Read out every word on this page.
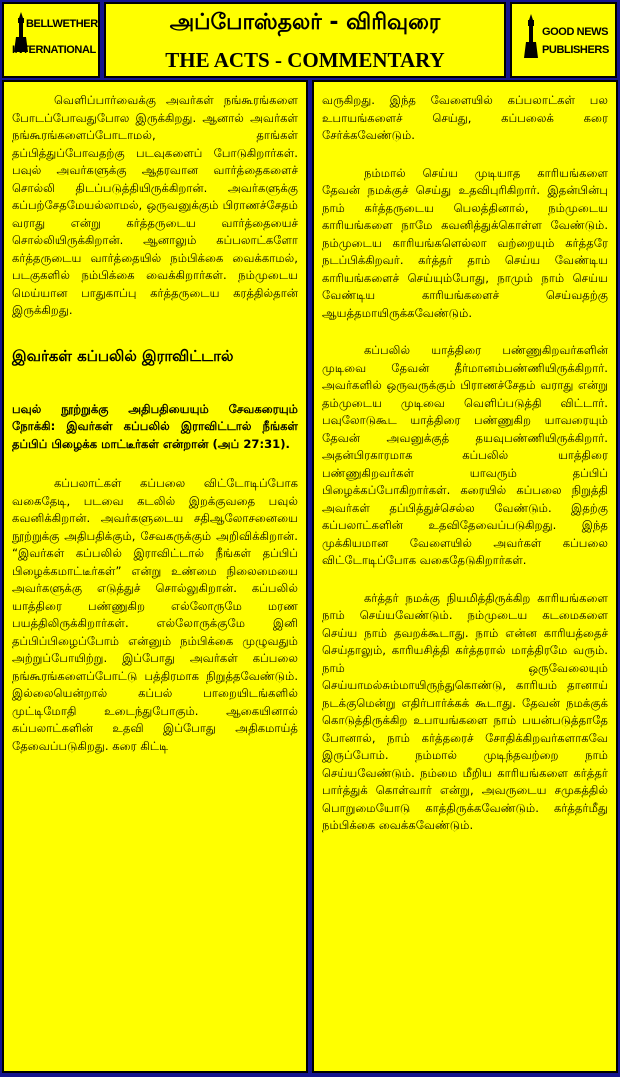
BELLWETHER
INTERNATIONAL
அப்போஸ்தலர் - விரிவுரை
THE ACTS - COMMENTARY
GOOD NEWS
PUBLISHERS

வெளிப்பார்வைக்கு அவர்கள் நங்கூரங்களை போடப்போவதுபோல இருக்கிறது. ஆனால் அவர்கள் நங்கூரங்களைப்போடாமல், தாங்கள் தப்பித்துப்போவதற்கு படவுகளைப் போடுகிறார்கள். பவுல் அவர்களுக்கு ஆதரவான வார்த்தைகளைச் சொல்லி திடப்படுத்தியிருக்கிறான். அவர்களுக்கு கப்பற்சேதமேயல்லாமல், ஒருவனுக்கும் பிராணச்சேதம் வராது என்று கர்த்தருடைய வார்த்தையைச் சொல்லியிருக்கிறான். ஆனாலும் கப்பலாட்களோ கர்த்தருடைய வார்த்தையில் நம்பிக்கை வைக்காமல், படகுகளில் நம்பிக்கை வைக்கிறார்கள். நம்முடைய மெய்யான பாதுகாப்பு கர்த்தருடைய கரத்தில்தான் இருக்கிறது.

இவர்கள் கப்பலில் இராவிட்டால்

பவுல் நூற்றுக்கு அதிபதியையும் சேவகரையும் நோக்கி: இவர்கள் கப்பலில் இராவிட்டால் நீங்கள் தப்பிப் பிழைக்க மாட்டீர்கள் என்றான் (அப் 27:31).

கப்பலாட்கள் கப்பலை விட்டோடிப்போக வகைதேடி, படவை கடலில் இறக்குவதை பவுல் கவனிக்கிறான். அவர்களுடைய சதிஆலோசனையை நூற்றுக்கு அதிபதிக்கும், சேவகருக்கும் அறிவிக்கிறான். “இவர்கள் கப்பலில் இராவிட்டால் நீங்கள் தப்பிப் பிழைக்கமாட்டீர்கள்” என்று உண்மை நிலைமையை அவர்களுக்கு எடுத்துச் சொல்லுகிறான். கப்பலில் யாத்திரை பண்ணுகிற எல்லோருமே மரண பயத்திலிருக்கிறார்கள். எல்லோருக்குமே இனி தப்பிப்பிழைப்போம் என்னும் நம்பிக்கை முழுவதும் அற்றுப்போயிற்று. இப்போது அவர்கள் கப்பலை நங்கூரங்களைப்போட்டு பத்திரமாக நிறுத்தவேண்டும். இல்லையென்றால் கப்பல் பாறையிடங்களில் முட்டிமோதி உடைந்துபோகும். ஆகையினால் கப்பலாட்களின் உதவி இப்போது அதிகமாய்த் தேவைப்படுகிறது. கரை கிட்டி

வருகிறது. இந்த வேளையில் கப்பலாட்கள் பல உபாயங்களைச் செய்து, கப்பலைக் கரை சேர்க்கவேண்டும்.

நம்மால் செய்ய முடியாத காரியங்களை தேவன் நமக்குச் செய்து உதவிபுரிகிறார். இதன்பின்பு நாம் கர்த்தருடைய பெலத்தினால், நம்முடைய காரியங்களை நாமே கவனித்துக்கொள்ள வேண்டும். நம்முடைய காரியங்களெல்லா வற்றையும் கர்த்தரே நடப்பிக்கிறவர். கர்த்தர் தாம் செய்ய வேண்டிய காரியங்களைச் செய்யும்போது, நாமும் நாம் செய்ய வேண்டிய காரியங்களைச் செய்வதற்கு ஆயத்தமாயிருக்கவேண்டும்.

கப்பலில் யாத்திரை பண்ணுகிறவர்களின் முடிவை தேவன் தீர்மானம்பண்ணியிருக்கிறார். அவர்களில் ஒருவருக்கும் பிராணச்சேதம் வராது என்று தம்முடைய முடிவை வெளிப்படுத்தி விட்டார். பவுலோடுகூட யாத்திரை பண்ணுகிற யாவரையும் தேவன் அவனுக்குத் தயவுபண்ணியிருக்கிறார். அதன்பிரகாரமாக கப்பலில் யாத்திரை பண்ணுகிறவர்கள் யாவரும் தப்பிப் பிழைக்கப்போகிறார்கள். கரையில் கப்பலை நிறுத்தி அவர்கள் தப்பித்துச்செல்ல வேண்டும். இதற்கு கப்பலாட்களின் உதவிதேவைப்படுகிறது. இந்த முக்கியமான வேளையில் அவர்கள் கப்பலை விட்டோடிப்போக வகைதேடுகிறார்கள்.

கர்த்தர் நமக்கு நியமித்திருக்கிற காரியங்களை நாம் செய்யவேண்டும். நம்முடைய கடமைகளை செய்ய நாம் தவறக்கூடாது. நாம் என்ன காரியத்தைச் செய்தாலும், காரியசித்தி கர்த்தரால் மாத்திரமே வரும். நாம் ஒருவேலையும் செய்யாமல்சும்மாயிருந்துகொண்டு, காரியம் தானாய் நடக்குமென்று எதிர்பார்க்கக் கூடாது. தேவன் நமக்குக் கொடுத்திருக்கிற உபாயங்களை நாம் பயன்படுத்தாதே போனால், நாம் கர்த்தரைச் சோதிக்கிறவர்களாகவே இருப்போம். நம்மால் முடிந்தவற்றை நாம் செய்யவேண்டும். நம்மை மீறிய காரியங்களை கர்த்தர் பார்த்துக் கொள்வார் என்று, அவருடைய சமுகத்தில் பொறுமையோடு காத்திருக்கவேண்டும். கர்த்தர்மீது நம்பிக்கை வைக்கவேண்டும்.
